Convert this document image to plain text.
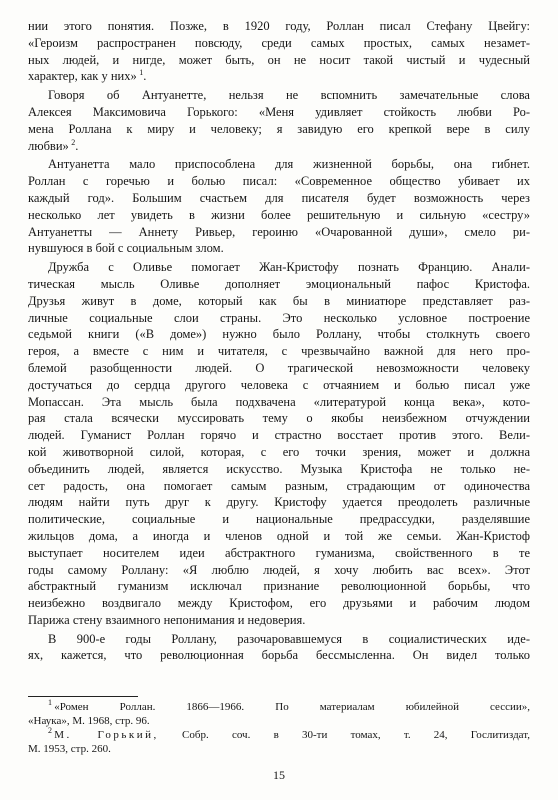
нии этого понятия. Позже, в 1920 году, Роллан писал Стефану Цвейгу:
«Героизм распространен повсюду, среди самых простых, самых незамет-
ных людей, и нигде, может быть, он не носит такой чистый и чудесный
характер, как у них»  $^1$.

Говоря об Антуанетте, нельзя не вспомнить замечательные слова
Алексея Максимовича Горького: «Меня удивляет стойкость любви Ро-
мена Роллана к миру и человеку; я завидую его крепкой вере в силу
любви»  $^2$.

Антуанетта мало приспособлена для жизненной борьбы, она гибнет.
Роллан с горечью и болью писал: «Современное общество убивает их
каждый год». Большим счастьем для писателя будет возможность через
несколько лет увидеть в жизни более решительную и сильную «сестру»
Антуанетты — Аннету Ривьер, героиню «Очарованной души», смело ри-
нувшуюся в бой с социальным злом.

Дружба с Оливье помогает Жан-Кристофу познать Францию. Анали-
тическая мысль Оливье дополняет эмоциональный пафос Кристофа.
Друзья живут в доме, который как бы в миниатюре представляет раз-
личные социальные слои страны. Это несколько условное построение
седьмой книги («В доме») нужно было Роллану, чтобы столкнуть своего
героя, а вместе с ним и читателя, с чрезвычайно важной для него про-
блемой разобщенности людей. О трагической невозможности человеку
достучаться до сердца другого человека с отчаянием и болью писал уже
Мопассан. Эта мысль была подхвачена «литературой конца века», кото-
рая стала всячески муссировать тему о якобы неизбежном отчуждении
людей. Гуманист Роллан горячо и страстно восстает против этого. Вели-
кой животворной силой, которая, с его точки зрения, может и должна
объединить людей, является искусство. Музыка Кристофа не только не-
сет радость, она помогает самым разным, страдающим от одиночества
людям найти путь друг к другу. Кристофу удается преодолеть различные
политические, социальные и национальные предрассудки, разделявшие
жильцов дома, а иногда и членов одной и той же семьи. Жан-Кристоф
выступает носителем идеи абстрактного гуманизма, свойственного в те
годы самому Роллану: «Я люблю людей, я хочу любить вас всех». Этот
абстрактный гуманизм исключал признание революционной борьбы, что
неизбежно воздвигало между Кристофом, его друзьями и рабочим людом
Парижа стену взаимного непонимания и недоверия.

В 900-е годы Роллану, разочаровавшемуся в социалистических иде-
ях, кажется, что революционная борьба бессмысленна. Он видел только

$^1$  «Ромен Роллан. 1866—1966. По материалам юбилейной сессии»,
«Наука», М. 1968, стр. 96.

$^2$  М. Горький, Собр. соч. в 30-ти томах, т. 24, Гослитиздат,
М. 1953, стр. 260.

15
